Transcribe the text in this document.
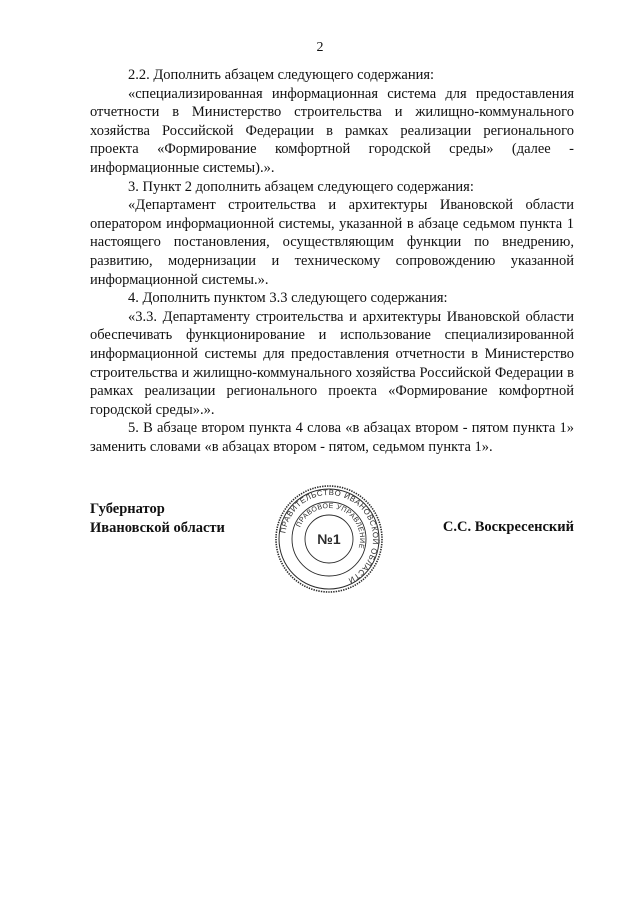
2

2.2. Дополнить абзацем следующего содержания:

«специализированная информационная система для предоставления отчетности в Министерство строительства и жилищно-коммунального хозяйства Российской Федерации в рамках реализации регионального проекта «Формирование комфортной городской среды» (далее - информационные системы).».

3. Пункт 2 дополнить абзацем следующего содержания:

«Департамент строительства и архитектуры Ивановской области оператором информационной системы, указанной в абзаце седьмом пункта 1 настоящего постановления, осуществляющим функции по внедрению, развитию, модернизации и техническому сопровождению указанной информационной системы.».

4. Дополнить пунктом 3.3 следующего содержания:

«3.3. Департаменту строительства и архитектуры Ивановской области обеспечивать функционирование и использование специализированной информационной системы для предоставления отчетности в Министерство строительства и жилищно-коммунального хозяйства Российской Федерации в рамках реализации регионального проекта «Формирование комфортной городской среды».».

5. В абзаце втором пункта 4 слова «в абзацах втором - пятом пункта 1» заменить словами «в абзацах втором - пятом, седьмом пункта 1».

Губернатор
Ивановской области	ПРАВИТЕЛЬСТВО ИВАНОВСКОЙ ОБЛАСТИ
ПРАВОВОЕ УПРАВЛЕНИЕ
№1
С.С. Воскресенский
